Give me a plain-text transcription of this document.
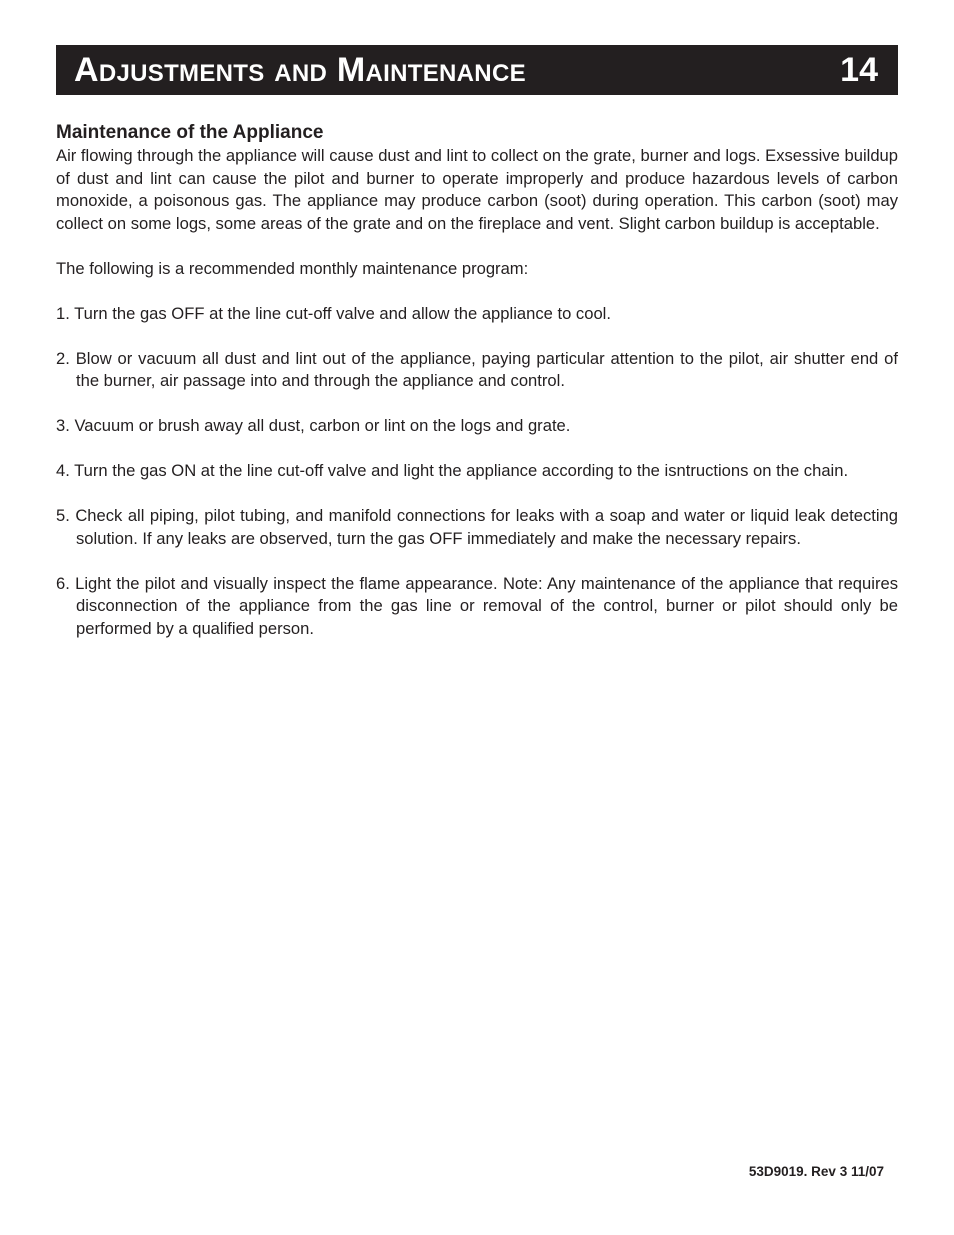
Adjustments and Maintenance	14
Maintenance of the Appliance

Air flowing through the appliance will cause dust and lint to collect on the grate, burner and logs. Exsessive buildup of dust and lint can cause the pilot and burner to operate improperly and produce hazardous levels of carbon monoxide, a poisonous gas. The appliance may produce carbon (soot) during operation. This carbon (soot) may collect on some logs, some areas of the grate and on the fireplace and vent. Slight carbon buildup is acceptable.

The following is a recommended monthly maintenance program:

1. Turn the gas OFF at the line cut-off valve and allow the appliance to cool.

2. Blow or vacuum all dust and lint out of the appliance, paying particular attention to the pilot, air shutter end of the burner, air passage into and through the appliance and control.

3. Vacuum or brush away all dust, carbon or lint on the logs and grate.

4. Turn the gas ON at the line cut-off valve and light the appliance according to the isntructions on the chain.

5. Check all piping, pilot tubing, and manifold connections for leaks with a soap and water or liquid leak detecting solution. If any leaks are observed, turn the gas OFF immediately and make the necessary repairs.

6. Light the pilot and visually inspect the flame appearance. Note: Any maintenance of the appliance that requires disconnection of the appliance from the gas line or removal of the control, burner or pilot should only be performed by a qualified person.

53D9019. Rev 3 11/07
